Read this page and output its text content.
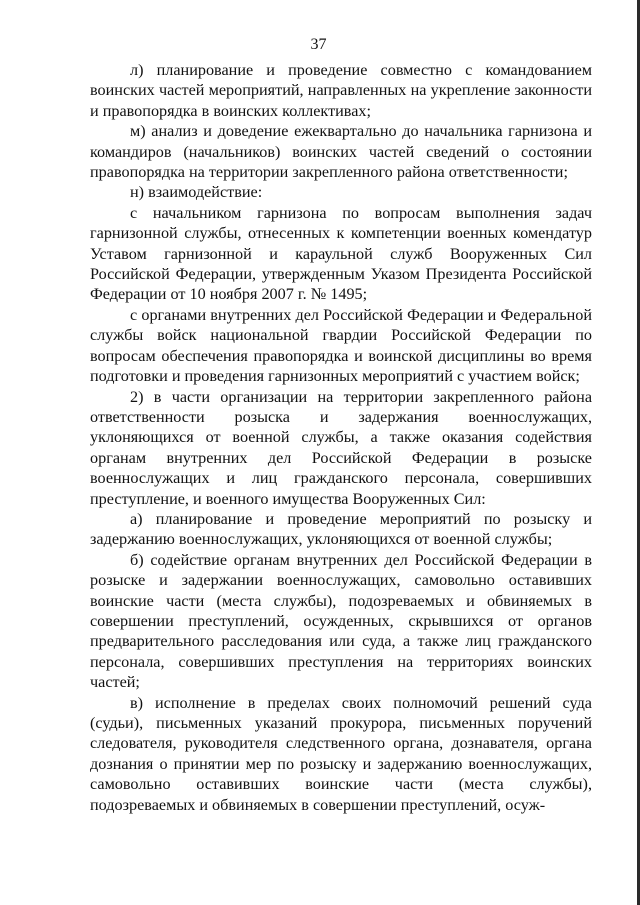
37

л) планирование и проведение совместно с командованием воинских частей мероприятий, направленных на укрепление законности и правопорядка в воинских коллективах;

м) анализ и доведение ежеквартально до начальника гарнизона и командиров (начальников) воинских частей сведений о состоянии правопорядка на территории закрепленного района ответственности;

н) взаимодействие:

с начальником гарнизона по вопросам выполнения задач гарнизонной службы, отнесенных к компетенции военных комендатур Уставом гарнизонной и караульной служб Вооруженных Сил Российской Федерации, утвержденным Указом Президента Российской Федерации от 10 ноября 2007 г. № 1495;

с органами внутренних дел Российской Федерации и Федеральной службы войск национальной гвардии Российской Федерации по вопросам обеспечения правопорядка и воинской дисциплины во время подготовки и проведения гарнизонных мероприятий с участием войск;

2) в части организации на территории закрепленного района ответственности розыска и задержания военнослужащих, уклоняющихся от военной службы, а также оказания содействия органам внутренних дел Российской Федерации в розыске военнослужащих и лиц гражданского персонала, совершивших преступление, и военного имущества Вооруженных Сил:

а) планирование и проведение мероприятий по розыску и задержанию военнослужащих, уклоняющихся от военной службы;

б) содействие органам внутренних дел Российской Федерации в розыске и задержании военнослужащих, самовольно оставивших воинские части (места службы), подозреваемых и обвиняемых в совершении преступлений, осужденных, скрывшихся от органов предварительного расследования или суда, а также лиц гражданского персонала, совершивших преступления на территориях воинских частей;

в) исполнение в пределах своих полномочий решений суда (судьи), письменных указаний прокурора, письменных поручений следователя, руководителя следственного органа, дознавателя, органа дознания о принятии мер по розыску и задержанию военнослужащих, самовольно оставивших воинские части (места службы), подозреваемых и обвиняемых в совершении преступлений, осуж-
